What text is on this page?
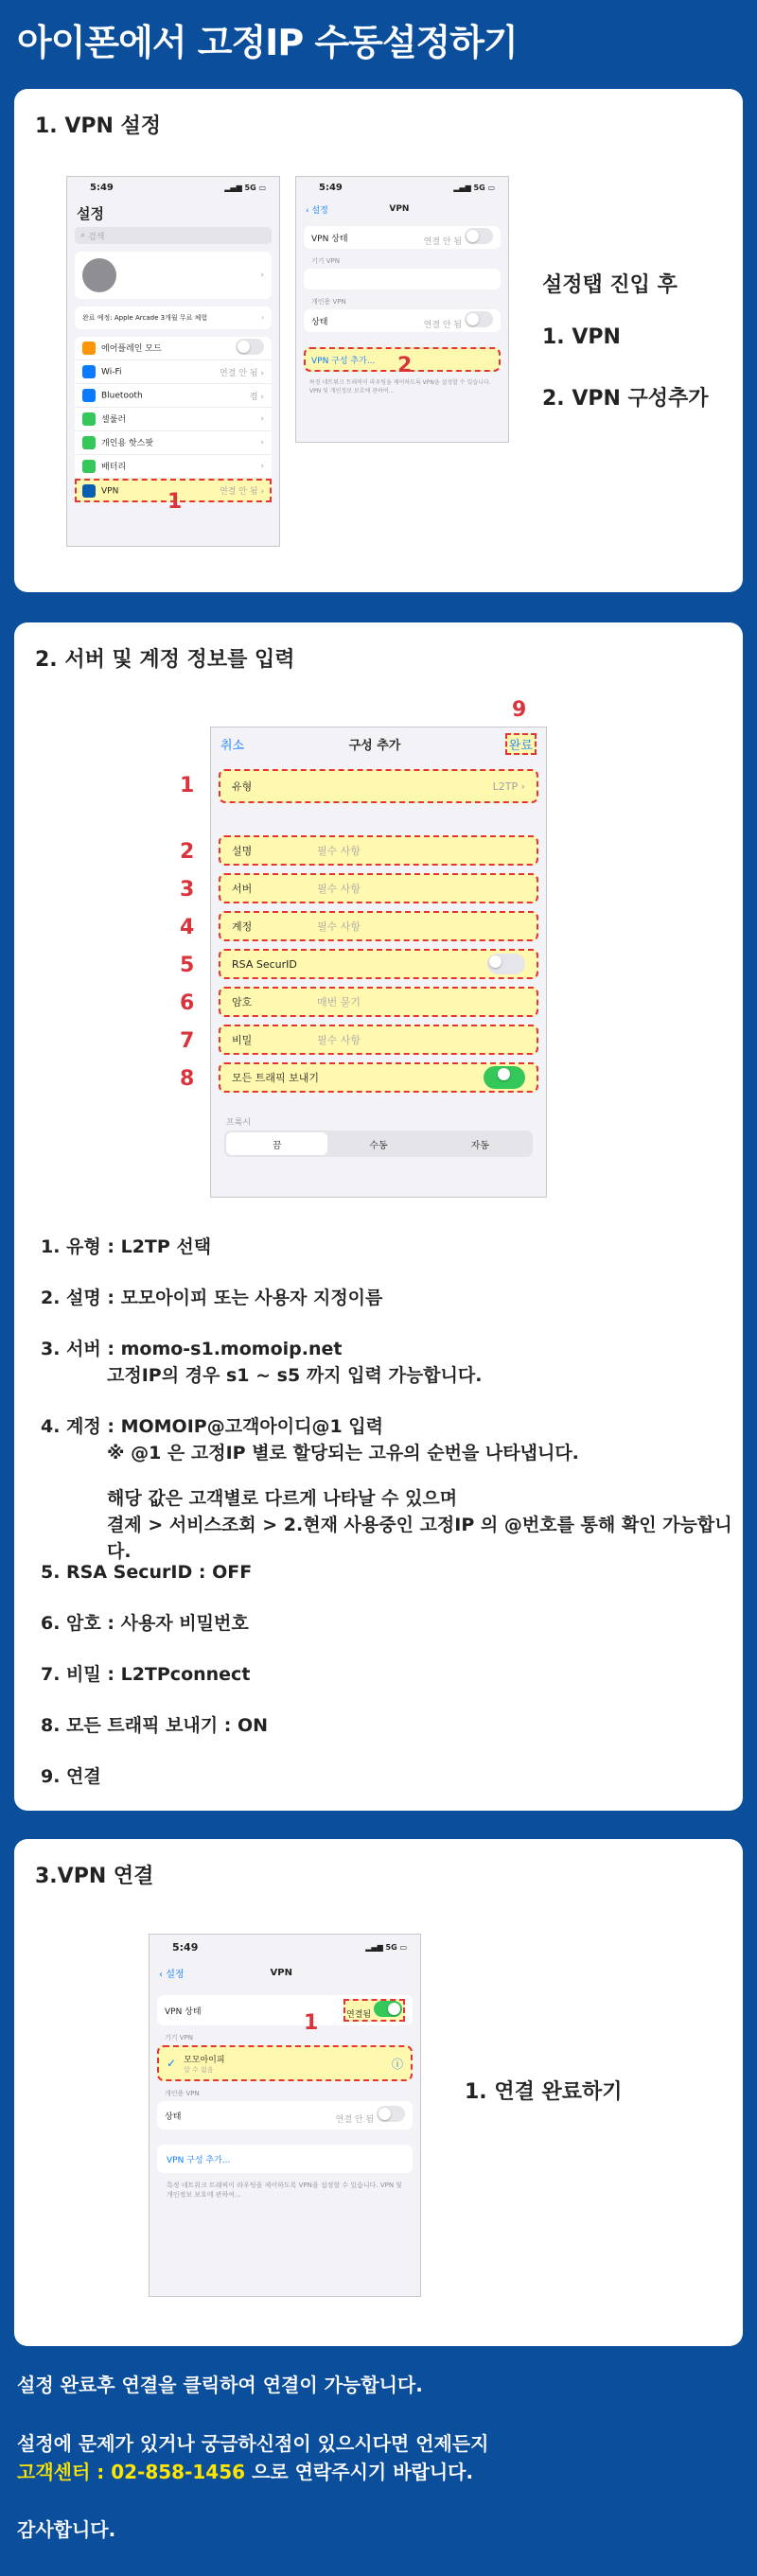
아이폰에서 고정IP 수동설정하기
1. VPN 설정
5:49	▂▄▆ 5G ▭
설정
⌕ 검색
›
완료 예정: Apple Arcade 3개월 무료 체험	›
에어플레인 모드
Wi-Fi	연결 안 됨 ›
Bluetooth	켬 ›
셀룰러	›
개인용 핫스팟	›
배터리	›
VPN	연결 안 됨 ›
1
5:49	▂▄▆ 5G ▭
‹ 설정	VPN
VPN 상태	연결 안 됨
기기 VPN
개인용 VPN
상태	연결 안 됨
VPN 구성 추가...
특정 네트워크 트래픽이 라우팅을 제어하도록 VPN을 설정할 수 있습니다. VPN 및 개인정보 보호에 관하여...
2
설정탭 진입 후
1. VPN
2. VPN 구성추가
2. 서버 및 계정 정보를 입력
취소	구성 추가	완료
유형	L2TP ›
설명	필수 사항
서버	필수 사항
계정	필수 사항
RSA SecurID
암호	매번 묻기
비밀	필수 사항
모든 트래픽 보내기
프록시
끔	수동	자동
9
1
2
3
4
5
6
7
8
1. 유형 : L2TP 선택
2. 설명 : 모모아이피 또는 사용자 지정이름
3. 서버 : momo-s1.momoip.net
고정IP의 경우 s1 ~ s5 까지 입력 가능합니다.
4. 계정 : MOMOIP@고객아이디@1 입력
※ @1 은 고정IP 별로 할당되는 고유의 순번을 나타냅니다.
해당 값은 고객별로 다르게 나타날 수 있으며
결제 > 서비스조회 > 2.현재 사용중인 고정IP 의 @번호를 통해 확인 가능합니다.
5. RSA SecurID : OFF
6. 암호 : 사용자 비밀번호
7. 비밀 : L2TPconnect
8. 모든 트래픽 보내기 : ON
9. 연결
3.VPN 연결
5:49	▂▄▆ 5G ▭
‹ 설정	VPN
VPN 상태	연결됨
기기 VPN
✓ 모모아이피
알 수 없음	ⓘ
개인용 VPN
상태	연결 안 됨
VPN 구성 추가...
특정 네트워크 트래픽이 라우팅을 제어하도록 VPN을 설정할 수 있습니다. VPN 및 개인정보 보호에 관하여...
1
1. 연결 완료하기
설정 완료후 연결을 클릭하여 연결이 가능합니다.
설정에 문제가 있거나 궁금하신점이 있으시다면 언제든지
고객센터 : 02-858-1456 으로 연락주시기 바랍니다.
감사합니다.
